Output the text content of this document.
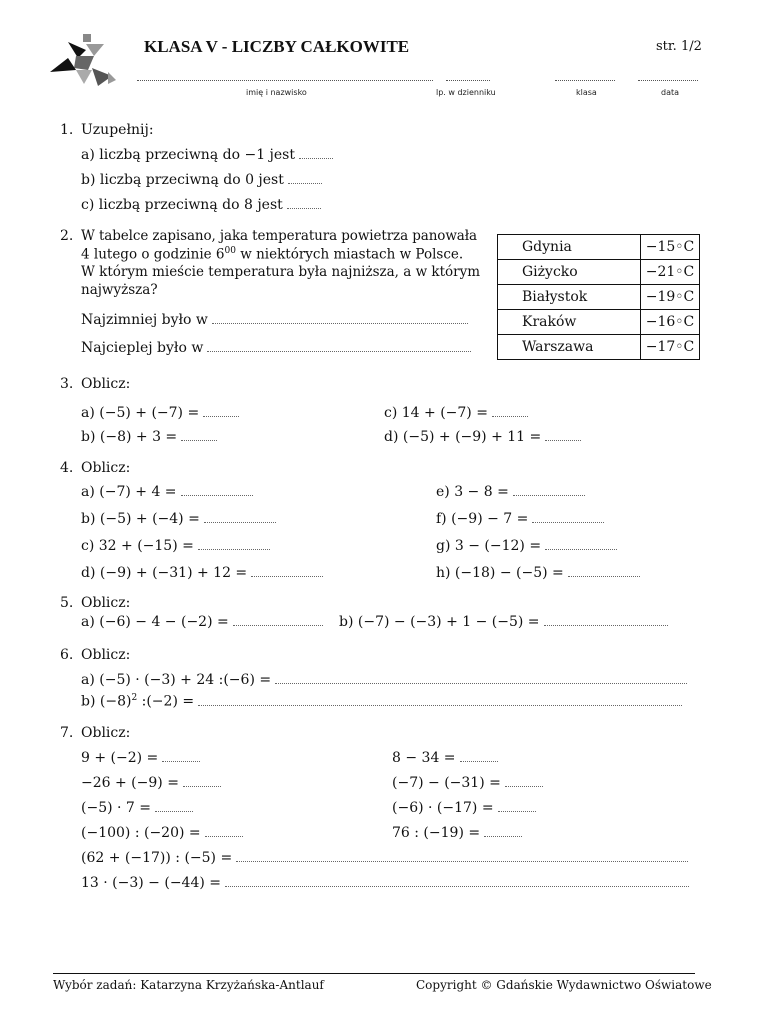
KLASA V - LICZBY CAŁKOWITE	str. 1/2
imię i nazwisko	lp. w dzienniku	klasa	data
1. Uzupełnij:
a) liczbą przeciwną do −1 jest
b) liczbą przeciwną do 0 jest
c) liczbą przeciwną do 8 jest
2. W tabelce zapisano, jaka temperatura powietrza panowała
4 lutego o godzinie $6^{00}$ w niektórych miastach w Polsce.
W którym mieście temperatura była najniższa, a w którym
najwyższa?
Najzimniej było w
Najcieplej było w
Gdynia	−15◦C
Giżycko	−21◦C
Białystok	−19◦C
Kraków	−16◦C
Warszawa	−17◦C
3. Oblicz:
a) (−5) + (−7) =
b) (−8) + 3 =
c) 14 + (−7) =
d) (−5) + (−9) + 11 =
4. Oblicz:
a) (−7) + 4 =
b) (−5) + (−4) =
c) 32 + (−15) =
d) (−9) + (−31) + 12 =
e) 3 − 8 =
f) (−9) − 7 =
g) 3 − (−12) =
h) (−18) − (−5) =
5. Oblicz:
a) (−6) − 4 − (−2) =	b) (−7) − (−3) + 1 − (−5) =
6. Oblicz:
a) (−5) · (−3) + 24 :(−6) =
b) $(-8)^2$ :(−2) =
7. Oblicz:
9 + (−2) =
−26 + (−9) =
(−5) · 7 =
(−100) : (−20) =
8 − 34 =
(−7) − (−31) =
(−6) · (−17) =
76 : (−19) =
(62 + (−17)) : (−5) =
13 · (−3) − (−44) =
Wybór zadań: Katarzyna Krzyżańska-Antlauf	Copyright © Gdańskie Wydawnictwo Oświatowe
